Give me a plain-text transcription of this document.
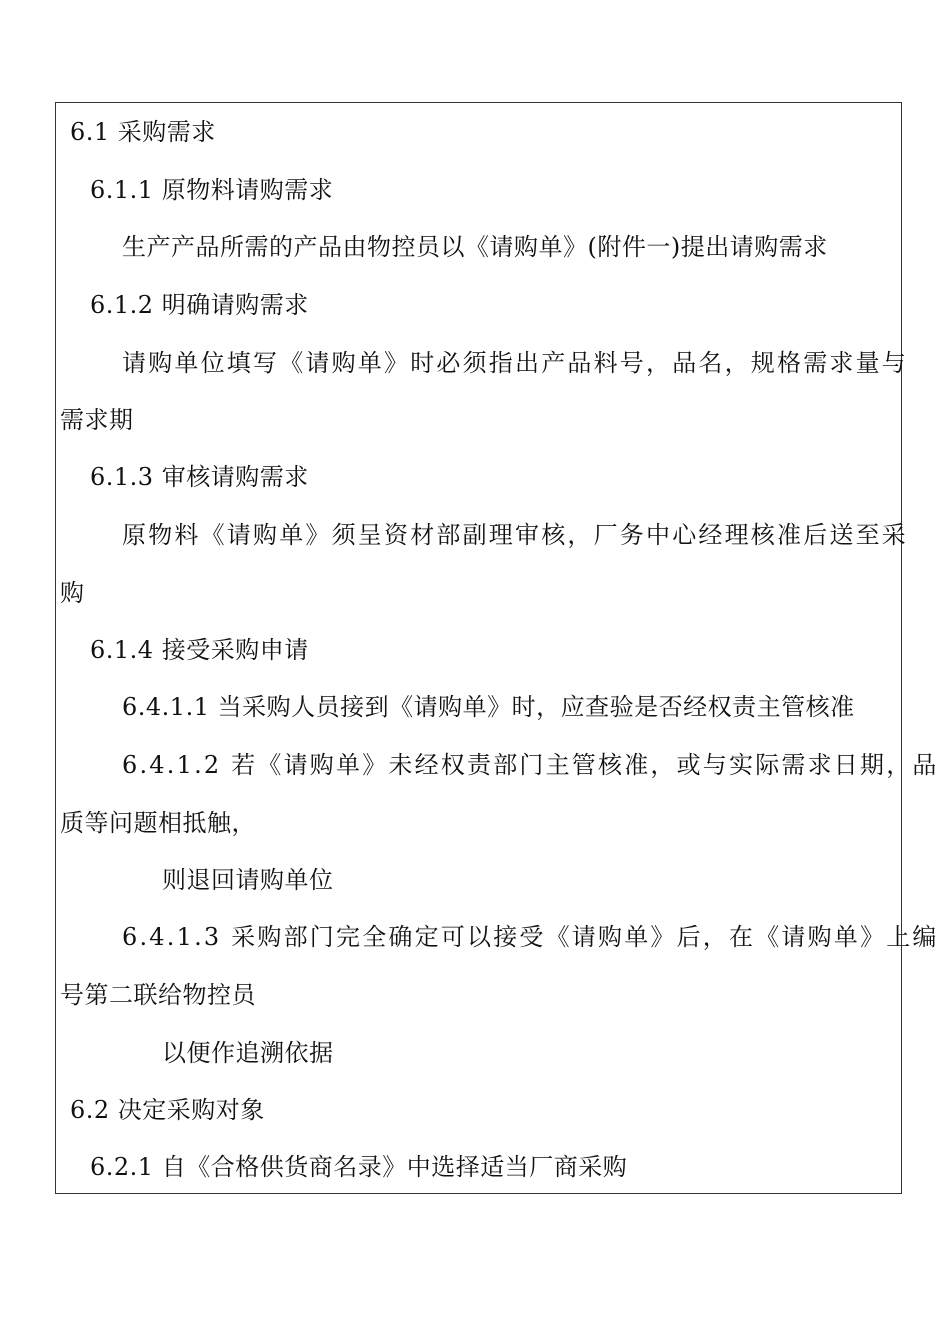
6.1 采购需求
6.1.1 原物料请购需求
生产产品所需的产品由物控员以《请购单》(附件一)提出请购需求
6.1.2 明确请购需求
请购单位填写《请购单》时必须指出产品料号，品名，规格需求量与
需求期
6.1.3 审核请购需求
原物料《请购单》须呈资材部副理审核，厂务中心经理核准后送至采
购
6.1.4 接受采购申请
6.4.1.1 当采购人员接到《请购单》时，应查验是否经权责主管核准
6.4.1.2 若《请购单》未经权责部门主管核准，或与实际需求日期，品
质等问题相抵触，
则退回请购单位
6.4.1.3 采购部门完全确定可以接受《请购单》后，在《请购单》上编
号第二联给物控员
以便作追溯依据
6.2 决定采购对象
6.2.1 自《合格供货商名录》中选择适当厂商采购
